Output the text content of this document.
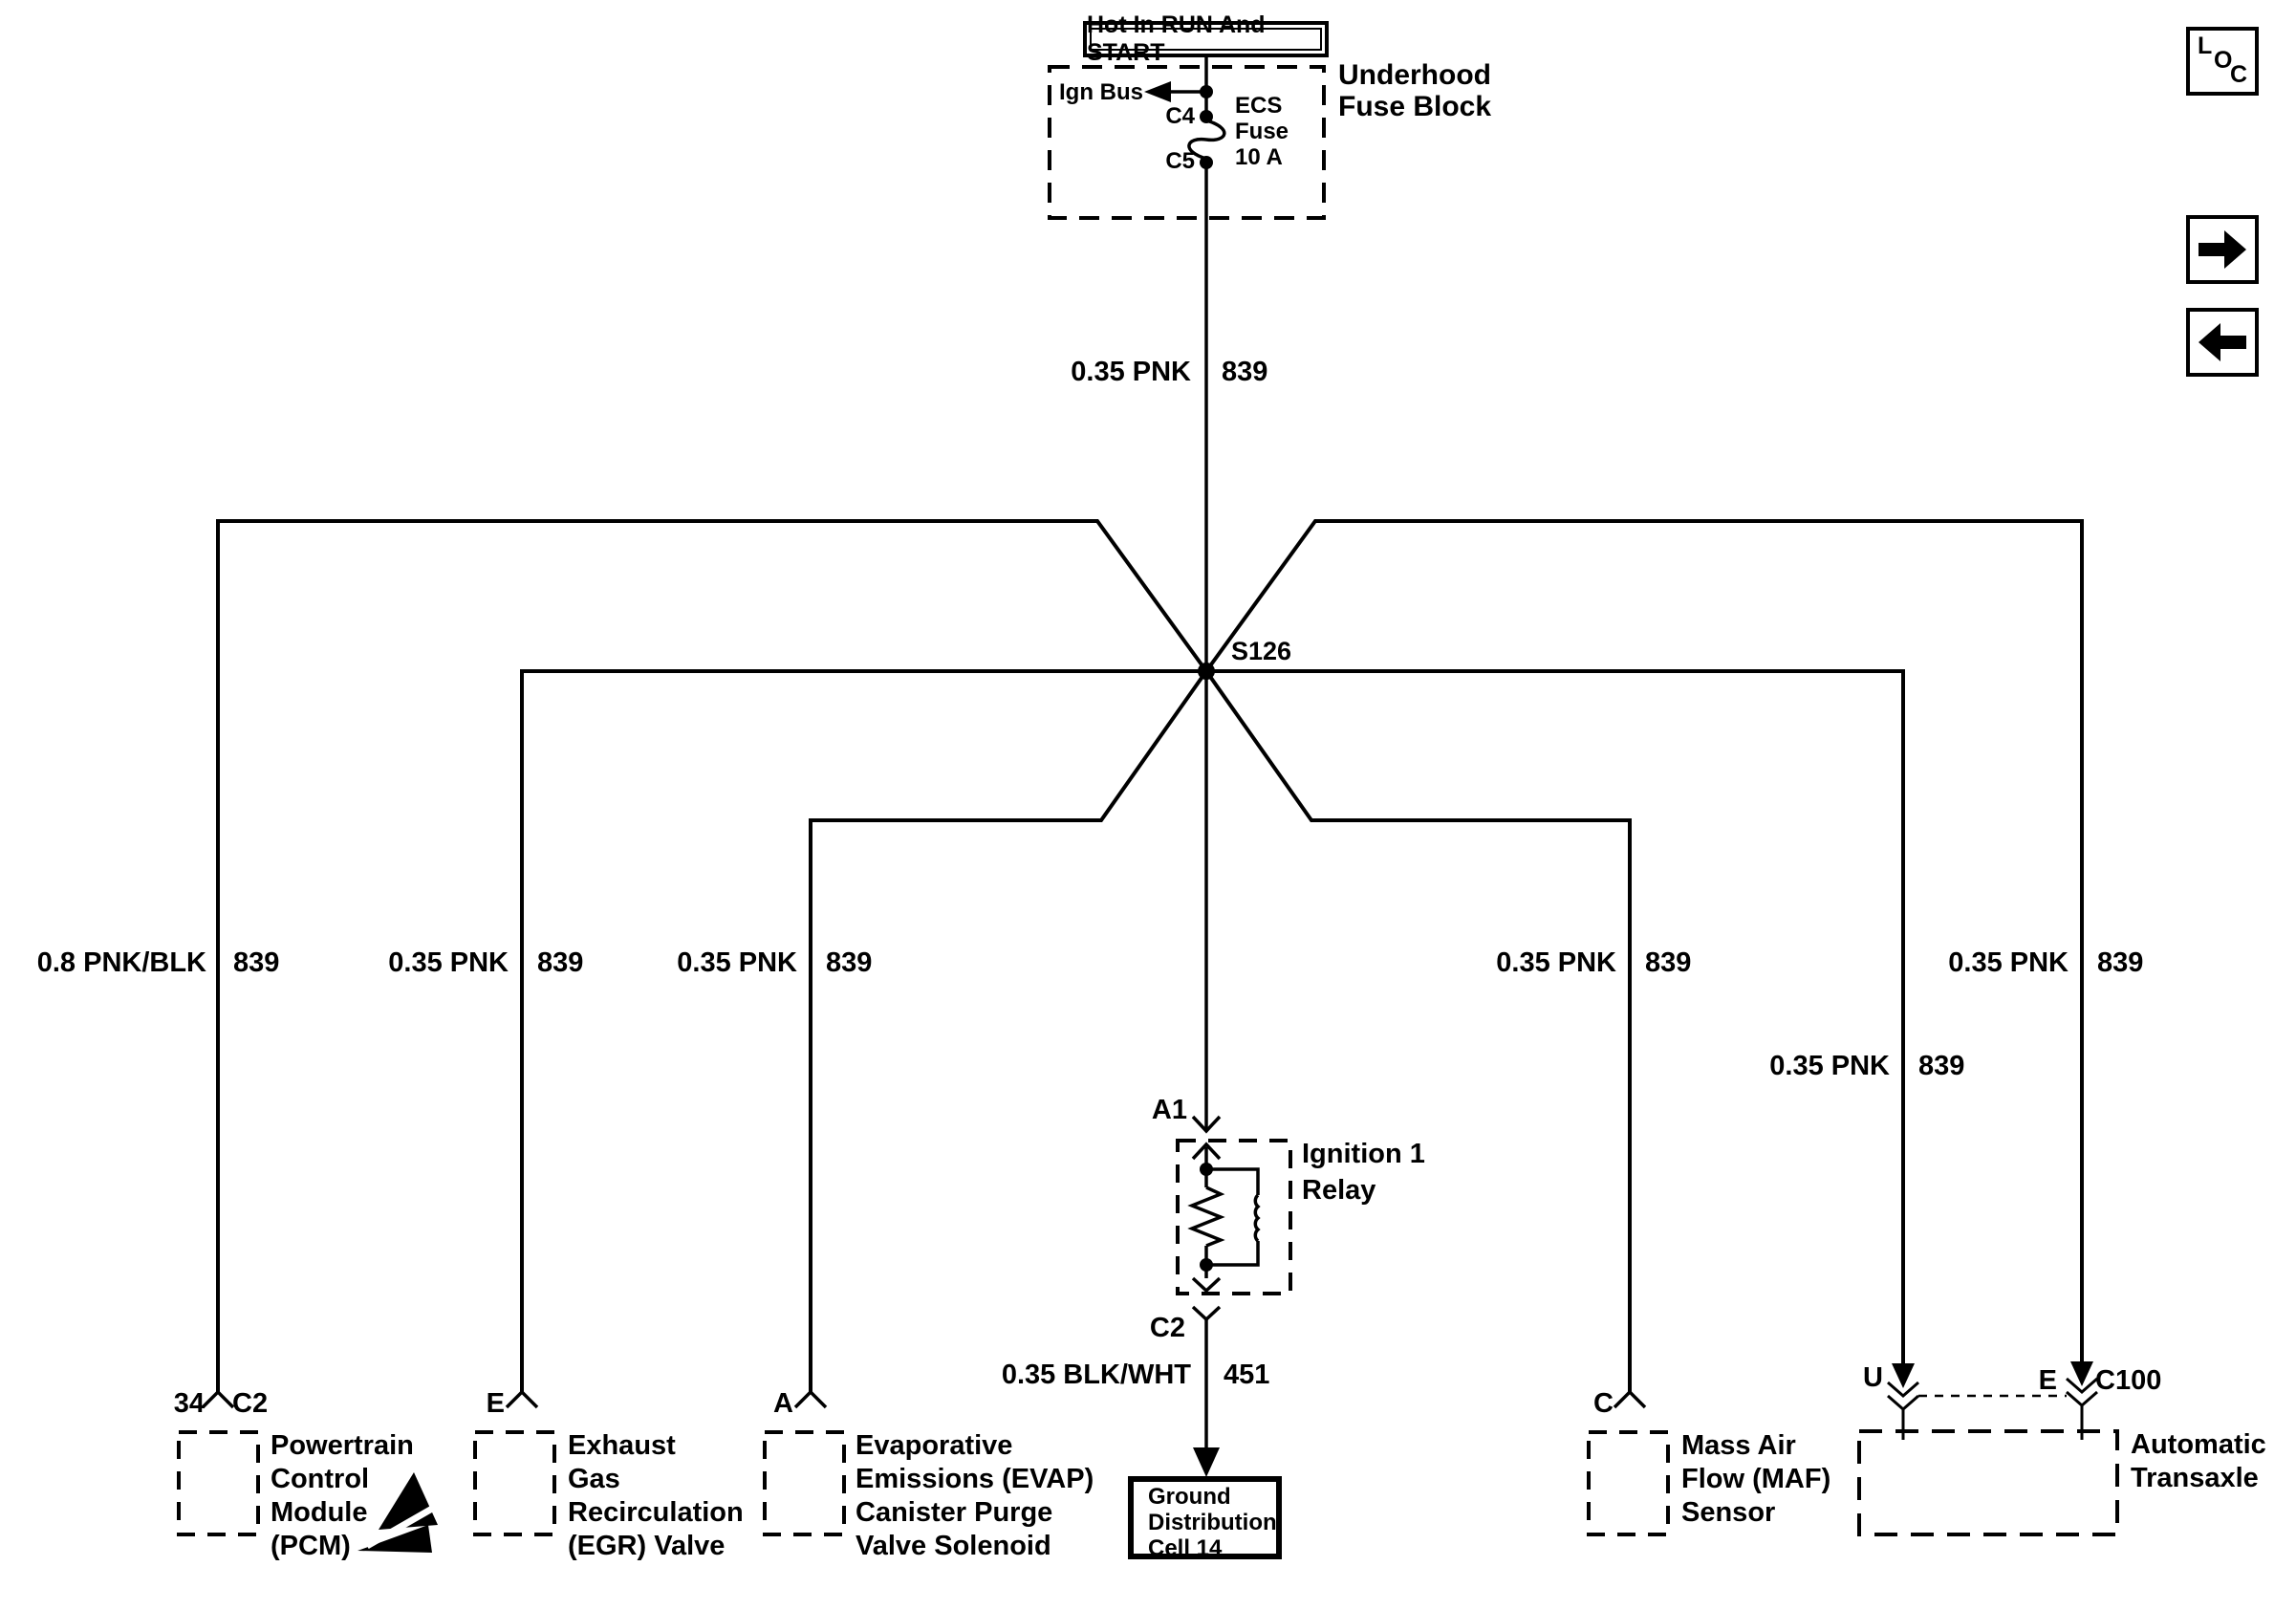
Hot In RUN And START
Underhood
Fuse Block
Ign Bus
C4
C5
ECS
Fuse
10 A
S126
0.35 PNK 839
0.8 PNK/BLK 839	0.35 PNK 839	0.35 PNK 839	0.35 PNK 839
0.35 PNK 839
0.35 PNK 839
0.35 BLK/WHT 451
A1
C2
Ignition 1
Relay
Ground
Distribution
Cell 14
34 C2
Powertrain
Control
Module
(PCM)
E
Exhaust
Gas
Recirculation
(EGR) Valve
A
Evaporative
Emissions (EVAP)
Canister Purge
Valve Solenoid
C
Mass Air
Flow (MAF)
Sensor
U	E C100
Automatic
Transaxle
L
O
C
